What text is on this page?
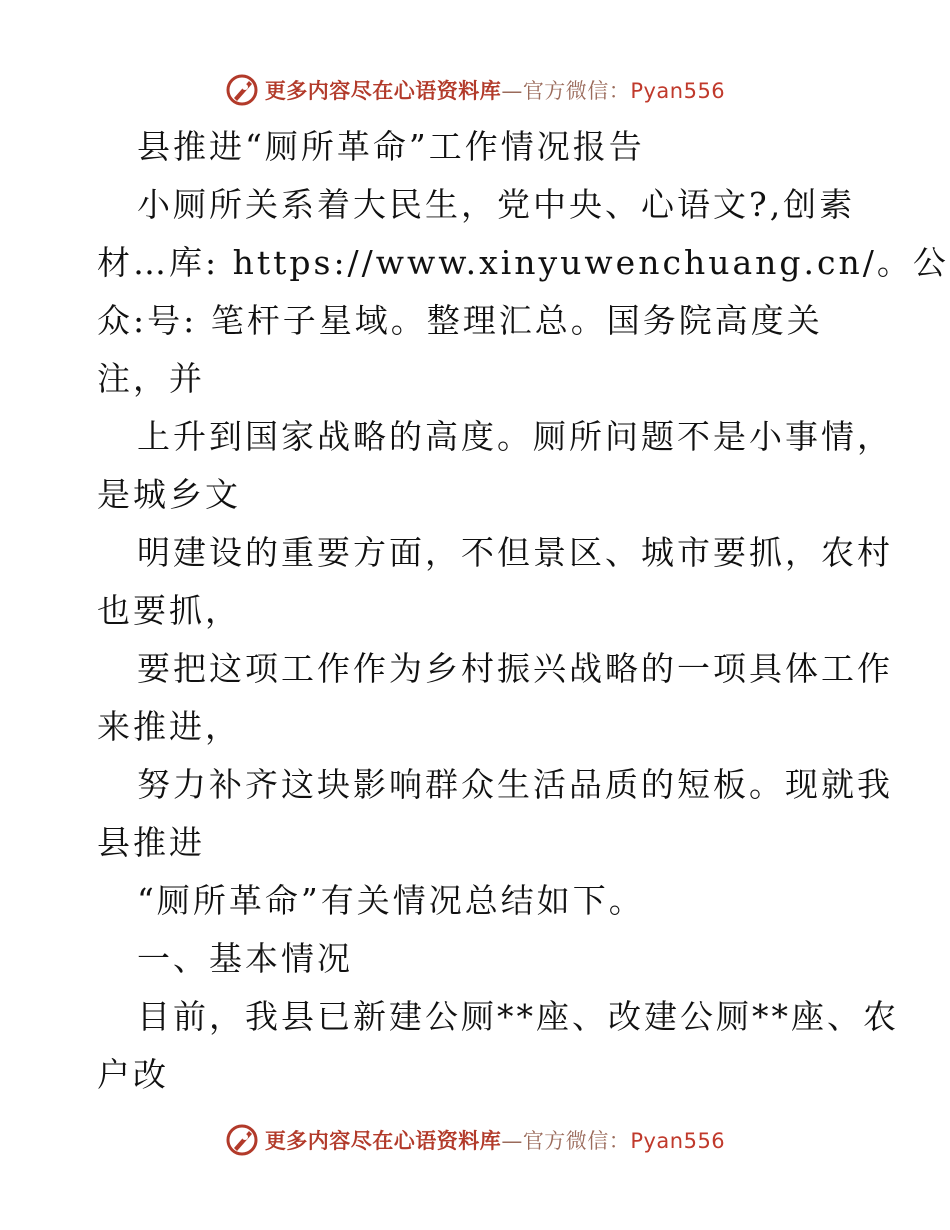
更多内容尽在心语资料库—官方微信：Pyan556
县推进“厕所革命”工作情况报告
小厕所关系着大民生，党中央、心语文?,创素
材…库: https://www.xinyuwenchuang.cn/。公
众:号: 笔杆子星域。整理汇总。国务院高度关
注，并
上升到国家战略的高度。厕所问题不是小事情，
是城乡文
明建设的重要方面，不但景区、城市要抓，农村
也要抓，
要把这项工作作为乡村振兴战略的一项具体工作
来推进，
努力补齐这块影响群众生活品质的短板。现就我
县推进
“厕所革命”有关情况总结如下。
一、基本情况
目前，我县已新建公厕**座、改建公厕**座、农
户改
更多内容尽在心语资料库—官方微信：Pyan556
